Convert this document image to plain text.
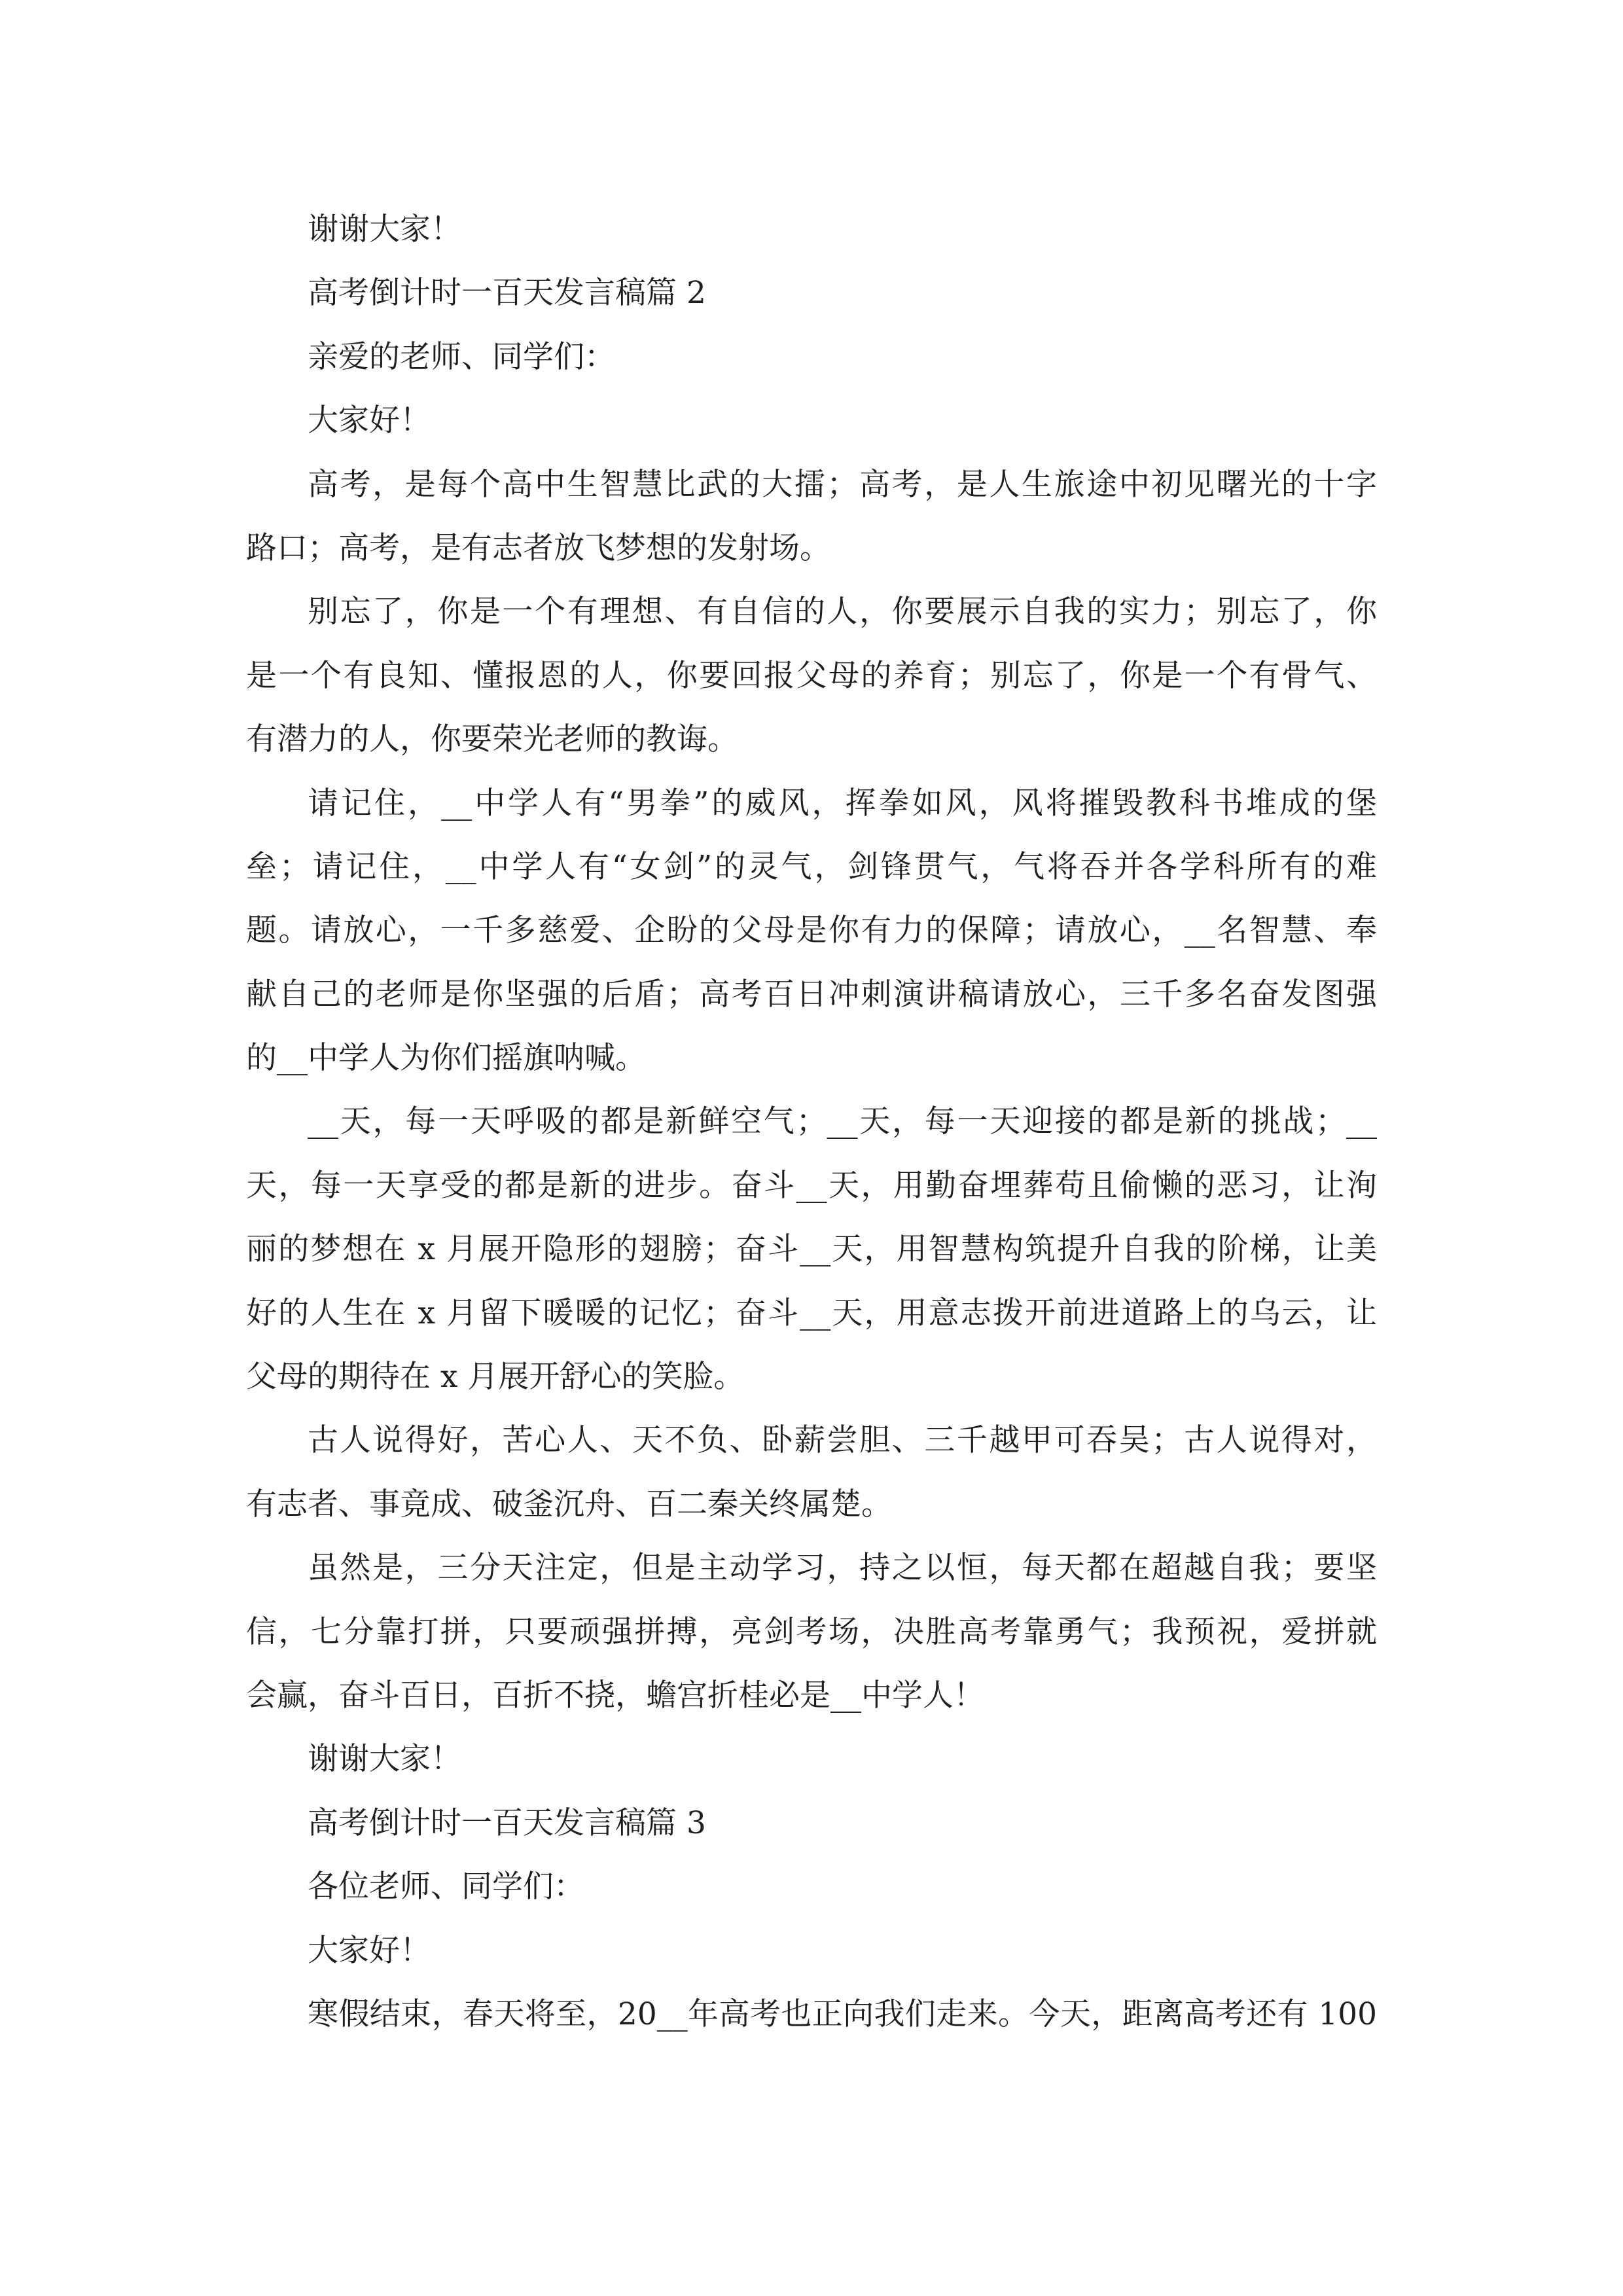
谢谢大家！
高考倒计时一百天发言稿篇 2
亲爱的老师、同学们：
大家好！
高考，是每个高中生智慧比武的大擂；高考，是人生旅途中初见曙光的十字
路口；高考，是有志者放飞梦想的发射场。
别忘了，你是一个有理想、有自信的人，你要展示自我的实力；别忘了，你
是一个有良知、懂报恩的人，你要回报父母的养育；别忘了，你是一个有骨气、
有潜力的人，你要荣光老师的教诲。
请记住，__中学人有“男拳”的威风，挥拳如风，风将摧毁教科书堆成的堡
垒；请记住，__中学人有“女剑”的灵气，剑锋贯气，气将吞并各学科所有的难
题。请放心，一千多慈爱、企盼的父母是你有力的保障；请放心，__名智慧、奉
献自己的老师是你坚强的后盾；高考百日冲刺演讲稿请放心，三千多名奋发图强
的__中学人为你们摇旗呐喊。
__天，每一天呼吸的都是新鲜空气；__天，每一天迎接的都是新的挑战；__
天，每一天享受的都是新的进步。奋斗__天，用勤奋埋葬苟且偷懒的恶习，让洵
丽的梦想在 x 月展开隐形的翅膀；奋斗__天，用智慧构筑提升自我的阶梯，让美
好的人生在 x 月留下暖暖的记忆；奋斗__天，用意志拨开前进道路上的乌云，让
父母的期待在 x 月展开舒心的笑脸。
古人说得好，苦心人、天不负、卧薪尝胆、三千越甲可吞吴；古人说得对，
有志者、事竟成、破釜沉舟、百二秦关终属楚。
虽然是，三分天注定，但是主动学习，持之以恒，每天都在超越自我；要坚
信，七分靠打拼，只要顽强拼搏，亮剑考场，决胜高考靠勇气；我预祝，爱拼就
会赢，奋斗百日，百折不挠，蟾宫折桂必是__中学人！
谢谢大家！
高考倒计时一百天发言稿篇 3
各位老师、同学们：
大家好！
寒假结束，春天将至，20__年高考也正向我们走来。今天，距离高考还有 100
